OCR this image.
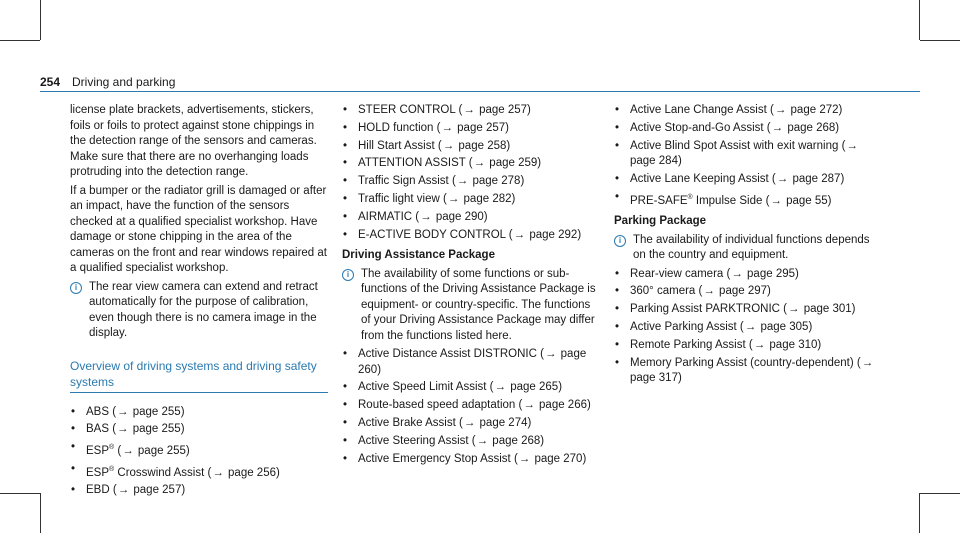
254 Driving and parking

license plate brackets, advertisements, stickers, foils or foils to protect against stone chippings in the detection range of the sensors and cameras. Make sure that there are no overhanging loads protruding into the detection range.

If a bumper or the radiator grill is damaged or after an impact, have the function of the sensors checked at a qualified specialist workshop. Have damage or stone chipping in the area of the cameras on the front and rear windows repaired at a qualified specialist workshop.

i	The rear view camera can extend and retract automatically for the purpose of calibration, even though there is no camera image in the display.
Overview of driving systems and driving safety systems
• ABS (→ page 255)
• BAS (→ page 255)
• ESP® (→ page 255)
• ESP® Crosswind Assist (→ page 256)
• EBD (→ page 257)
• STEER CONTROL (→ page 257)
• HOLD function (→ page 257)
• Hill Start Assist (→ page 258)
• ATTENTION ASSIST (→ page 259)
• Traffic Sign Assist (→ page 278)
• Traffic light view (→ page 282)
• AIRMATIC (→ page 290)
• E-ACTIVE BODY CONTROL (→ page 292)
Driving Assistance Package
i	The availability of some functions or sub-functions of the Driving Assistance Package is equipment- or country-specific. The functions of your Driving Assistance Package may differ from the functions listed here.
• Active Distance Assist DISTRONIC (→ page 260)
• Active Speed Limit Assist (→ page 265)
• Route-based speed adaptation (→ page 266)
• Active Brake Assist (→ page 274)
• Active Steering Assist (→ page 268)
• Active Emergency Stop Assist (→ page 270)
• Active Lane Change Assist (→ page 272)
• Active Stop-and-Go Assist (→ page 268)
• Active Blind Spot Assist with exit warning (→ page 284)
• Active Lane Keeping Assist (→ page 287)
• PRE-SAFE® Impulse Side (→ page 55)
Parking Package
i	The availability of individual functions depends on the country and equipment.
• Rear-view camera (→ page 295)
• 360° camera (→ page 297)
• Parking Assist PARKTRONIC (→ page 301)
• Active Parking Assist (→ page 305)
• Remote Parking Assist (→ page 310)
• Memory Parking Assist (country-dependent) (→ page 317)
